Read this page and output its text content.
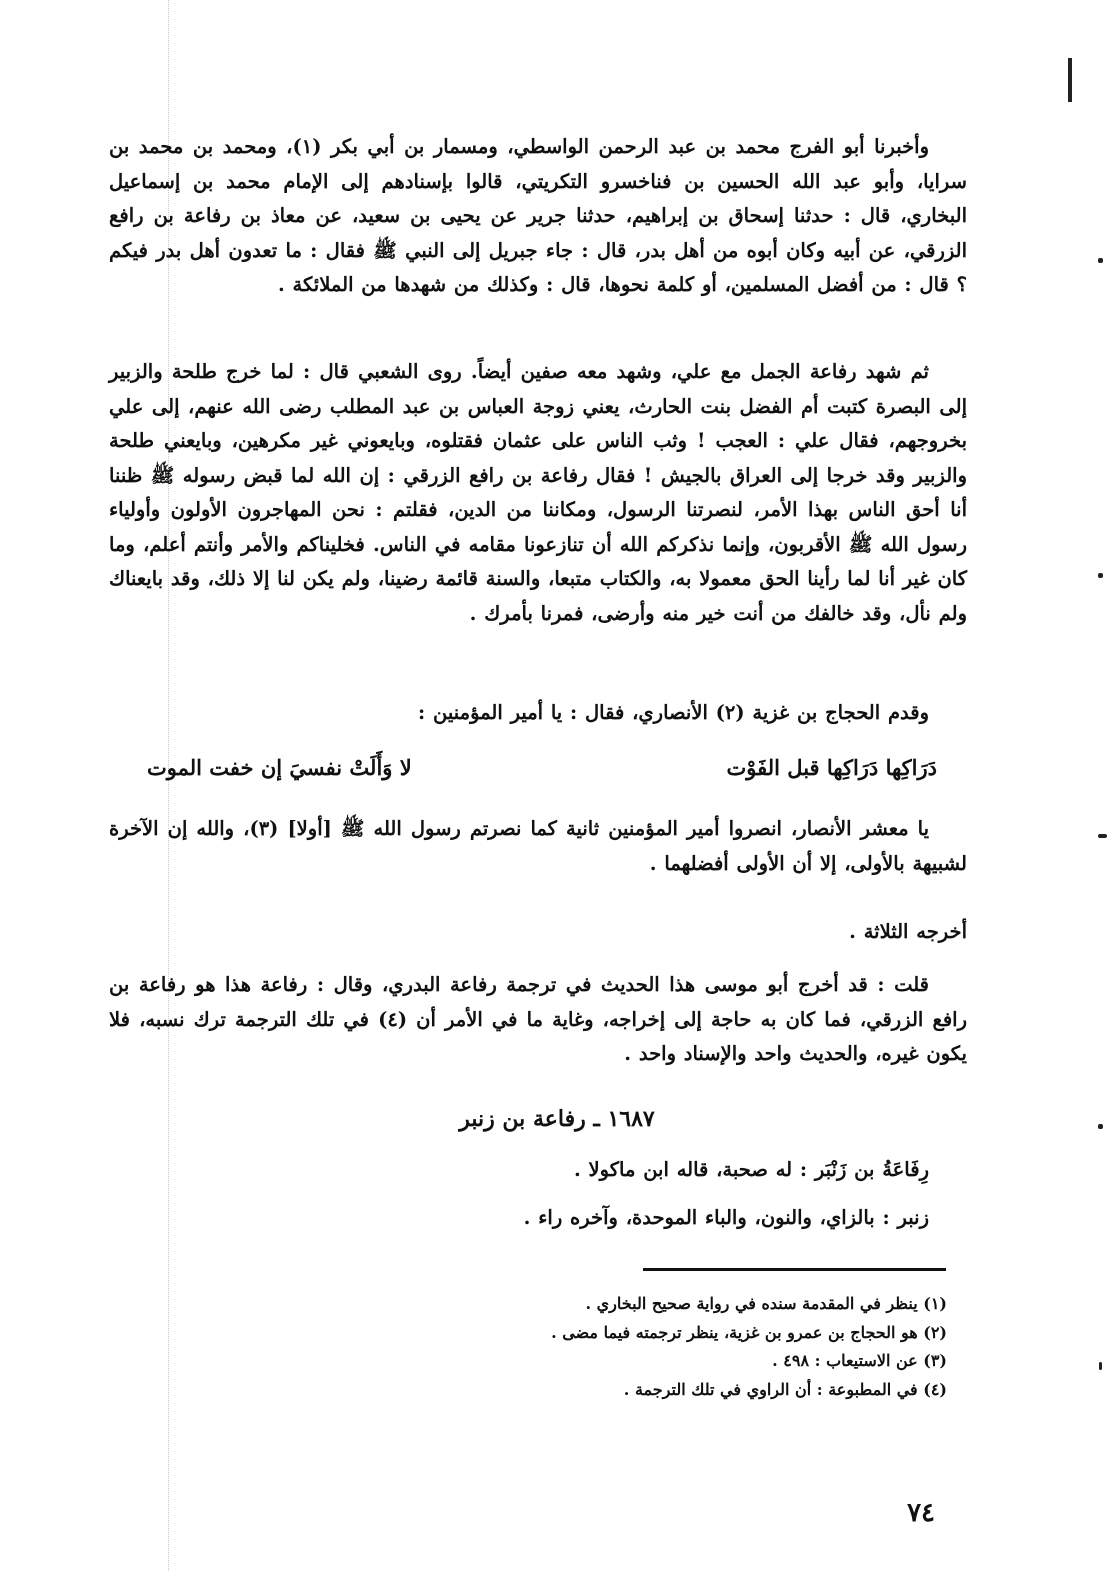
وأخبرنا أبو الفرج محمد بن عبد الرحمن الواسطي، ومسمار بن أبي بكر (١)، ومحمد بن محمد بن سرايا، وأبو عبد الله الحسين بن فناخسرو التكريتي، قالوا بإسنادهم إلى الإمام محمد بن إسماعيل البخاري، قال : حدثنا إسحاق بن إبراهيم، حدثنا جرير عن يحيى بن سعيد، عن معاذ بن رفاعة بن رافع الزرقي، عن أبيه وكان أبوه من أهل بدر، قال : جاء جبريل إلى النبي ﷺ فقال : ما تعدون أهل بدر فيكم ؟ قال : من أفضل المسلمين، أو كلمة نحوها، قال : وكذلك من شهدها من الملائكة .

ثم شهد رفاعة الجمل مع علي، وشهد معه صفين أيضاً. روى الشعبي قال : لما خرج طلحة والزبير إلى البصرة كتبت أم الفضل بنت الحارث، يعني زوجة العباس بن عبد المطلب رضى الله عنهم، إلى علي بخروجهم، فقال علي : العجب ! وثب الناس على عثمان فقتلوه، وبايعوني غير مكرهين، وبايعني طلحة والزبير وقد خرجا إلى العراق بالجيش ! فقال رفاعة بن رافع الزرقي : إن الله لما قبض رسوله ﷺ ظننا أنا أحق الناس بهذا الأمر، لنصرتنا الرسول، ومكاننا من الدين، فقلتم : نحن المهاجرون الأولون وأولياء رسول الله ﷺ الأقربون، وإنما نذكركم الله أن تنازعونا مقامه في الناس. فخليناكم والأمر وأنتم أعلم، وما كان غير أنا لما رأينا الحق معمولا به، والكتاب متبعا، والسنة قائمة رضينا، ولم يكن لنا إلا ذلك، وقد بايعناك ولم نأل، وقد خالفك من أنت خير منه وأرضى، فمرنا بأمرك .

وقدم الحجاج بن غزية (٢) الأنصاري، فقال : يا أمير المؤمنين :

دَرَاكِها دَرَاكِها قبل الفَوْت
لا وَأَلَتْ نفسيَ إن خفت الموت

يا معشر الأنصار، انصروا أمير المؤمنين ثانية كما نصرتم رسول الله ﷺ [أولا] (٣)، والله إن الآخرة لشبيهة بالأولى، إلا أن الأولى أفضلهما .

أخرجه الثلاثة .

قلت : قد أخرج أبو موسى هذا الحديث في ترجمة رفاعة البدري، وقال : رفاعة هذا هو رفاعة بن رافع الزرقي، فما كان به حاجة إلى إخراجه، وغاية ما في الأمر أن (٤) في تلك الترجمة ترك نسبه، فلا يكون غيره، والحديث واحد والإسناد واحد .

١٦٨٧ ـ رفاعة بن زنبر

رِفَاعَةُ بن زَنْبَر : له صحبة، قاله ابن ماكولا .

زنبر : بالزاي، والنون، والباء الموحدة، وآخره راء .

(١) ينظر في المقدمة سنده في رواية صحيح البخاري .
(٢) هو الحجاج بن عمرو بن غزية، ينظر ترجمته فيما مضى .
(٣) عن الاستيعاب : ٤٩٨ .
(٤) في المطبوعة : أن الراوي في تلك الترجمة .
٧٤
